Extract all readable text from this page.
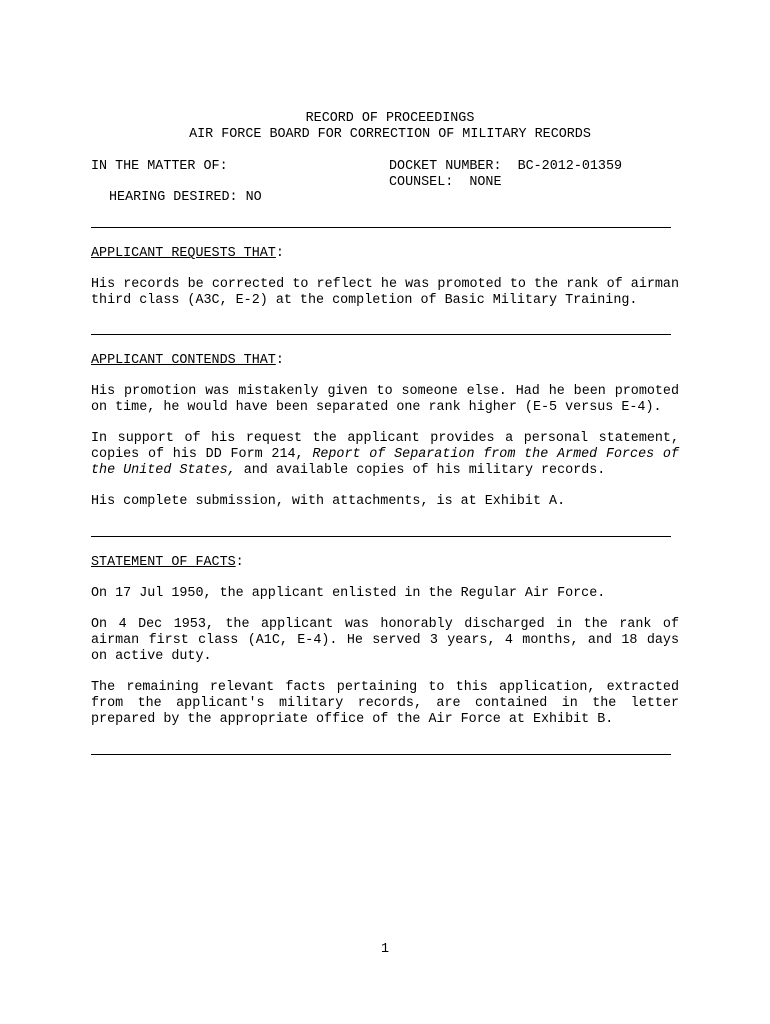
RECORD OF PROCEEDINGS
AIR FORCE BOARD FOR CORRECTION OF MILITARY RECORDS
IN THE MATTER OF:
HEARING DESIRED: NO
DOCKET NUMBER:  BC-2012-01359
COUNSEL:  NONE
APPLICANT REQUESTS THAT:

His records be corrected to reflect he was promoted to the rank of airman third class (A3C, E-2) at the completion of Basic Military Training.

APPLICANT CONTENDS THAT:

His promotion was mistakenly given to someone else. Had he been promoted on time, he would have been separated one rank higher (E-5 versus E-4).

In support of his request the applicant provides a personal statement, copies of his DD Form 214, Report of Separation from the Armed Forces of the United States, and available copies of his military records.

His complete submission, with attachments, is at Exhibit A.

STATEMENT OF FACTS:

On 17 Jul 1950, the applicant enlisted in the Regular Air Force.

On 4 Dec 1953, the applicant was honorably discharged in the rank of airman first class (A1C, E-4). He served 3 years, 4 months, and 18 days on active duty.

The remaining relevant facts pertaining to this application, extracted from the applicant's military records, are contained in the letter prepared by the appropriate office of the Air Force at Exhibit B.

1
